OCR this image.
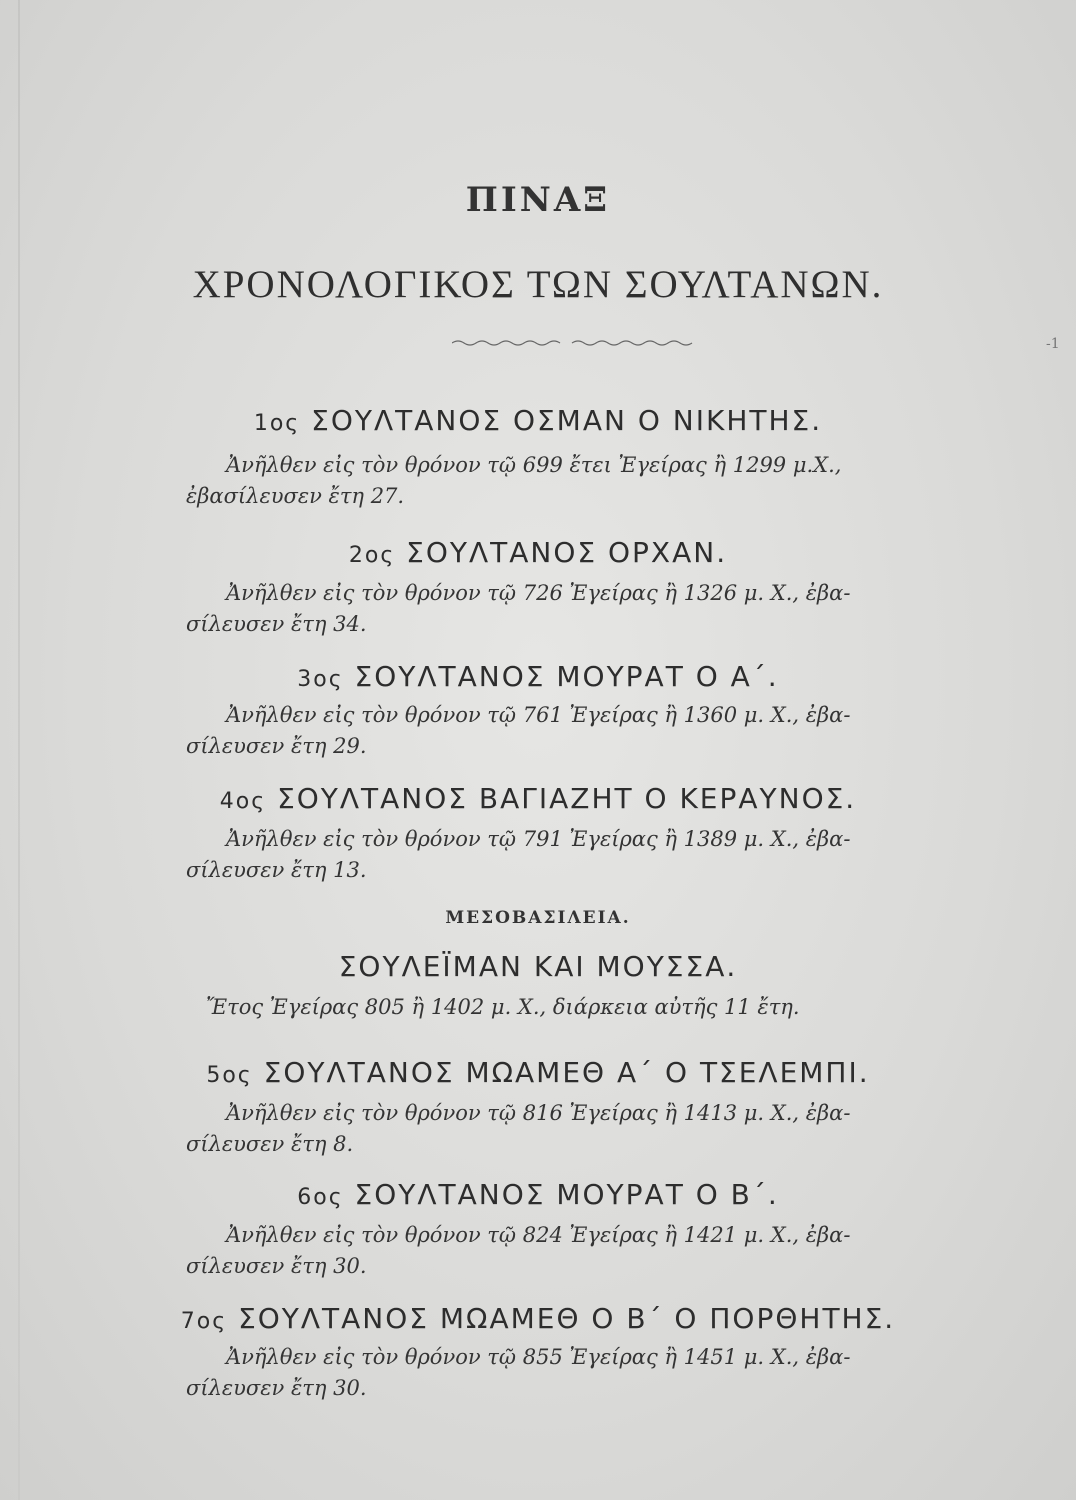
ΠΙΝΑΞ
ΧΡΟΝΟΛΟΓΙΚΟΣ ΤΩΝ ΣΟΥΛΤΑΝΩΝ.
-1
1ος ΣΟΥΛΤΑΝΟΣ ΟΣΜΑΝ Ο ΝΙΚΗΤΗΣ.

Ἀνῆλθεν εἰς τὸν θρόνον τῷ 699 ἔτει Ἐγείρας ἢ 1299 μ.Χ.,

ἐβασίλευσεν ἔτη 27.

2ος ΣΟΥΛΤΑΝΟΣ ΟΡΧΑΝ.

Ἀνῆλθεν εἰς τὸν θρόνον τῷ 726 Ἐγείρας ἢ 1326 μ. Χ., ἐβα-

σίλευσεν ἔτη 34.

3ος ΣΟΥΛΤΑΝΟΣ ΜΟΥΡΑΤ Ο Α΄.

Ἀνῆλθεν εἰς τὸν θρόνον τῷ 761 Ἐγείρας ἢ 1360 μ. Χ., ἐβα-

σίλευσεν ἔτη 29.

4ος ΣΟΥΛΤΑΝΟΣ ΒΑΓΙΑΖΗΤ Ο ΚΕΡΑΥΝΟΣ.

Ἀνῆλθεν εἰς τὸν θρόνον τῷ 791 Ἐγείρας ἢ 1389 μ. Χ., ἐβα-

σίλευσεν ἔτη 13.

ΜΕΣΟΒΑΣΙΛΕΙΑ.
ΣΟΥΛΕΪΜΑΝ ΚΑΙ ΜΟΥΣΣΑ.

Ἔτος Ἐγείρας 805 ἢ 1402 μ. Χ., διάρκεια αὐτῆς 11 ἔτη.

5ος ΣΟΥΛΤΑΝΟΣ ΜΩΑΜΕΘ Α΄ Ο ΤΣΕΛΕΜΠΙ.

Ἀνῆλθεν εἰς τὸν θρόνον τῷ 816 Ἐγείρας ἢ 1413 μ. Χ., ἐβα-

σίλευσεν ἔτη 8.

6ος ΣΟΥΛΤΑΝΟΣ ΜΟΥΡΑΤ Ο Β΄.

Ἀνῆλθεν εἰς τὸν θρόνον τῷ 824 Ἐγείρας ἢ 1421 μ. Χ., ἐβα-

σίλευσεν ἔτη 30.

7ος ΣΟΥΛΤΑΝΟΣ ΜΩΑΜΕΘ Ο Β΄ Ο ΠΟΡΘΗΤΗΣ.

Ἀνῆλθεν εἰς τὸν θρόνον τῷ 855 Ἐγείρας ἢ 1451 μ. Χ., ἐβα-

σίλευσεν ἔτη 30.
